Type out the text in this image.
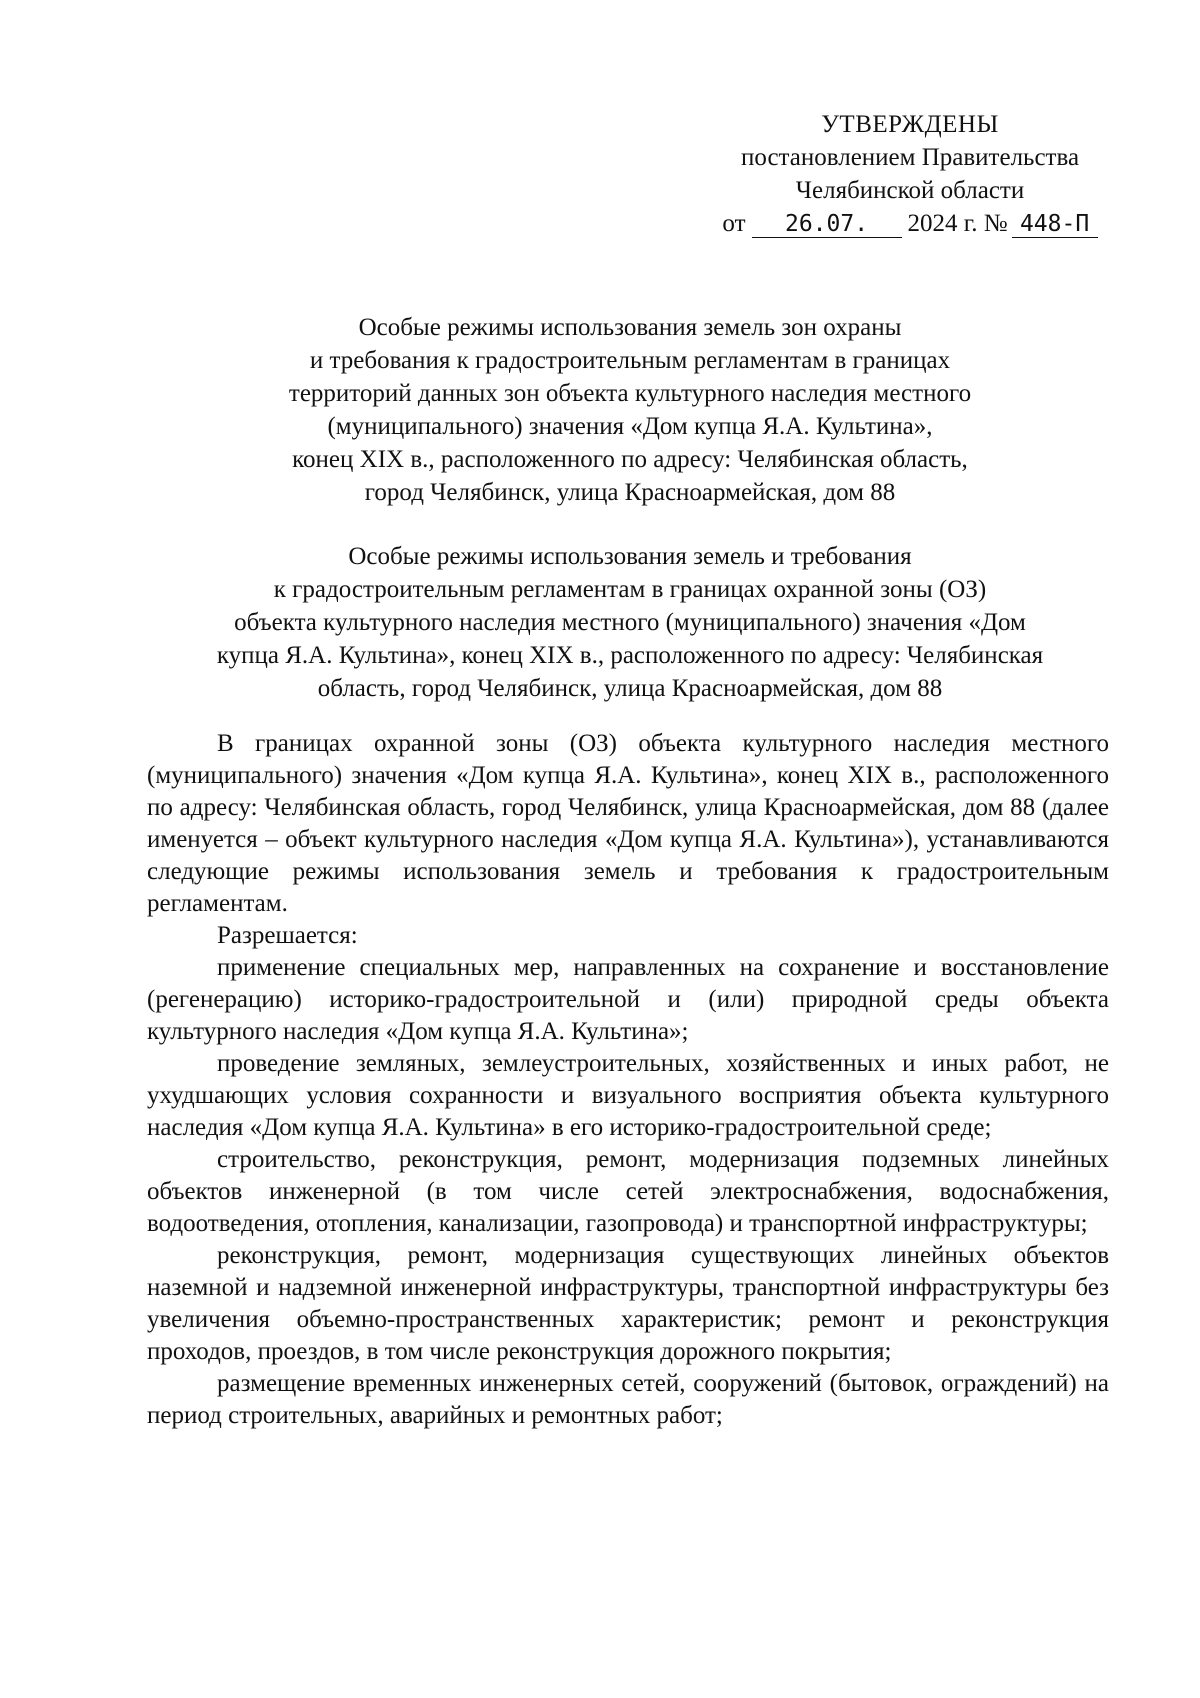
УТВЕРЖДЕНЫ
постановлением Правительства
Челябинской области
от	26.07.	2024 г. № 448-П
Особые режимы использования земель зон охраны
и требования к градостроительным регламентам в границах
территорий данных зон объекта культурного наследия местного
(муниципального) значения «Дом купца Я.А. Культина»,
конец XIX в., расположенного по адресу: Челябинская область,
город Челябинск, улица Красноармейская, дом 88
Особые режимы использования земель и требования
к градостроительным регламентам в границах охранной зоны (ОЗ)
объекта культурного наследия местного (муниципального) значения «Дом
купца Я.А. Культина», конец XIX в., расположенного по адресу: Челябинская
область, город Челябинск, улица Красноармейская, дом 88

В границах охранной зоны (ОЗ) объекта культурного наследия местного (муниципального) значения «Дом купца Я.А. Культина», конец XIX в., расположенного по адресу: Челябинская область, город Челябинск, улица Красноармейская, дом 88 (далее именуется – объект культурного наследия «Дом купца Я.А. Культина»), устанавливаются следующие режимы использования земель и требования к градостроительным регламентам.

Разрешается:

применение специальных мер, направленных на сохранение и восстановление (регенерацию) историко-градостроительной и (или) природной среды объекта культурного наследия «Дом купца Я.А. Культина»;

проведение земляных, землеустроительных, хозяйственных и иных работ, не ухудшающих условия сохранности и визуального восприятия объекта культурного наследия «Дом купца Я.А. Культина» в его историко-градостроительной среде;

строительство, реконструкция, ремонт, модернизация подземных линейных объектов инженерной (в том числе сетей электроснабжения, водоснабжения, водоотведения, отопления, канализации, газопровода) и транспортной инфраструктуры;

реконструкция, ремонт, модернизация существующих линейных объектов наземной и надземной инженерной инфраструктуры, транспортной инфраструктуры без увеличения объемно-пространственных характеристик; ремонт и реконструкция проходов, проездов, в том числе реконструкция дорожного покрытия;

размещение временных инженерных сетей, сооружений (бытовок, ограждений) на период строительных, аварийных и ремонтных работ;
